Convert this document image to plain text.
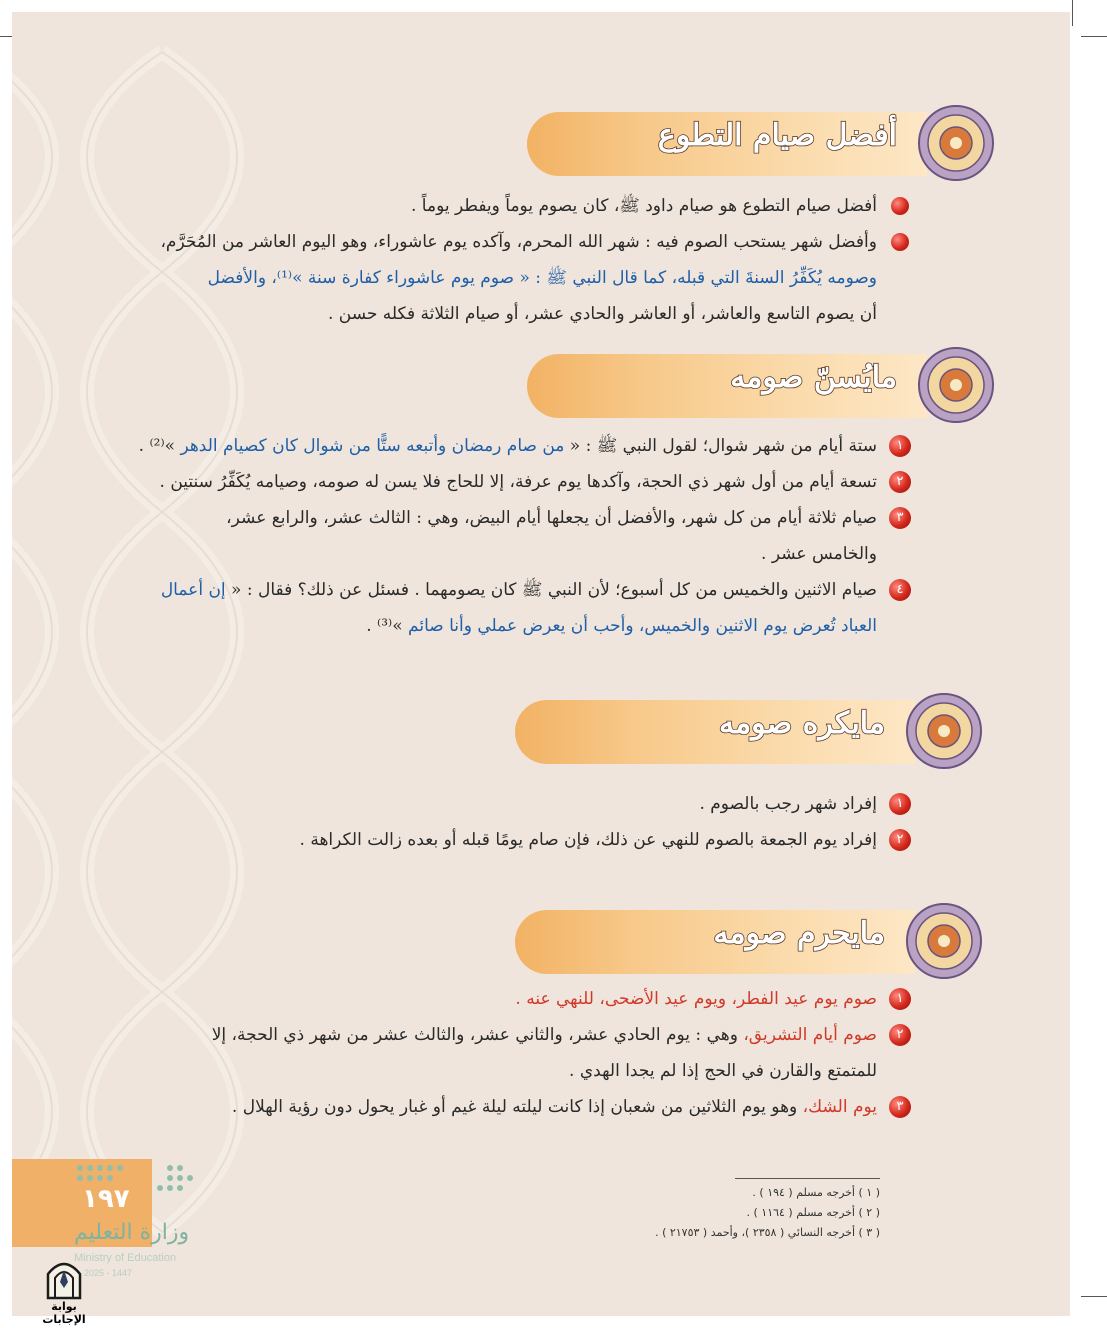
أفضل صيام التطوع
أفضل صيام التطوع هو صيام داود ﷺ، كان يصوم يوماً ويفطر يوماً .
وأفضل شهر يستحب الصوم فيه : شهر الله المحرم، وآكده يوم عاشوراء، وهو اليوم العاشر من المُحَرَّم،
وصومه يُكَفِّرُ السنةَ التي قبله، كما قال النبي ﷺ : « صوم يوم عاشوراء كفارة سنة »⁽¹⁾، والأفضل
أن يصوم التاسع والعاشر، أو العاشر والحادي عشر، أو صيام الثلاثة فكله حسن .
مايُسنّ صومه
١
ستة أيام من شهر شوال؛ لقول النبي ﷺ : « من صام رمضان وأتبعه ستًّا من شوال كان كصيام الدهر »⁽²⁾ .
٢
تسعة أيام من أول شهر ذي الحجة، وآكدها يوم عرفة، إلا للحاج فلا يسن له صومه، وصيامه يُكَفِّرُ سنتين .
٣
صيام ثلاثة أيام من كل شهر، والأفضل أن يجعلها أيام البيض، وهي : الثالث عشر، والرابع عشر،
والخامس عشر .
٤
صيام الاثنين والخميس من كل أسبوع؛ لأن النبي ﷺ كان يصومهما . فسئل عن ذلك؟ فقال : « إن أعمال
العباد تُعرض يوم الاثنين والخميس، وأحب أن يعرض عملي وأنا صائم »⁽³⁾ .
مايكره صومه
١
إفراد شهر رجب بالصوم .
٢
إفراد يوم الجمعة بالصوم للنهي عن ذلك، فإن صام يومًا قبله أو بعده زالت الكراهة .
مايحرم صومه
١
صوم يوم عيد الفطر، ويوم عيد الأضحى، للنهي عنه .
٢
صوم أيام التشريق، وهي : يوم الحادي عشر، والثاني عشر، والثالث عشر من شهر ذي الحجة، إلا
للمتمتع والقارن في الحج إذا لم يجدا الهدي .
٣
يوم الشك، وهو يوم الثلاثين من شعبان إذا كانت ليلته ليلة غيم أو غبار يحول دون رؤية الهلال .
( ١ ) أخرجه مسلم ( ١٩٤ ) .
( ٢ ) أخرجه مسلم ( ١١٦٤ ) .
( ٣ ) أخرجه النسائي ( ٢٣٥٨ )، وأحمد ( ٢١٧٥٣ ) .
١٩٧
وزارة التعليم
Ministry of Education
2025 - 1447
بوابة الإجابات
